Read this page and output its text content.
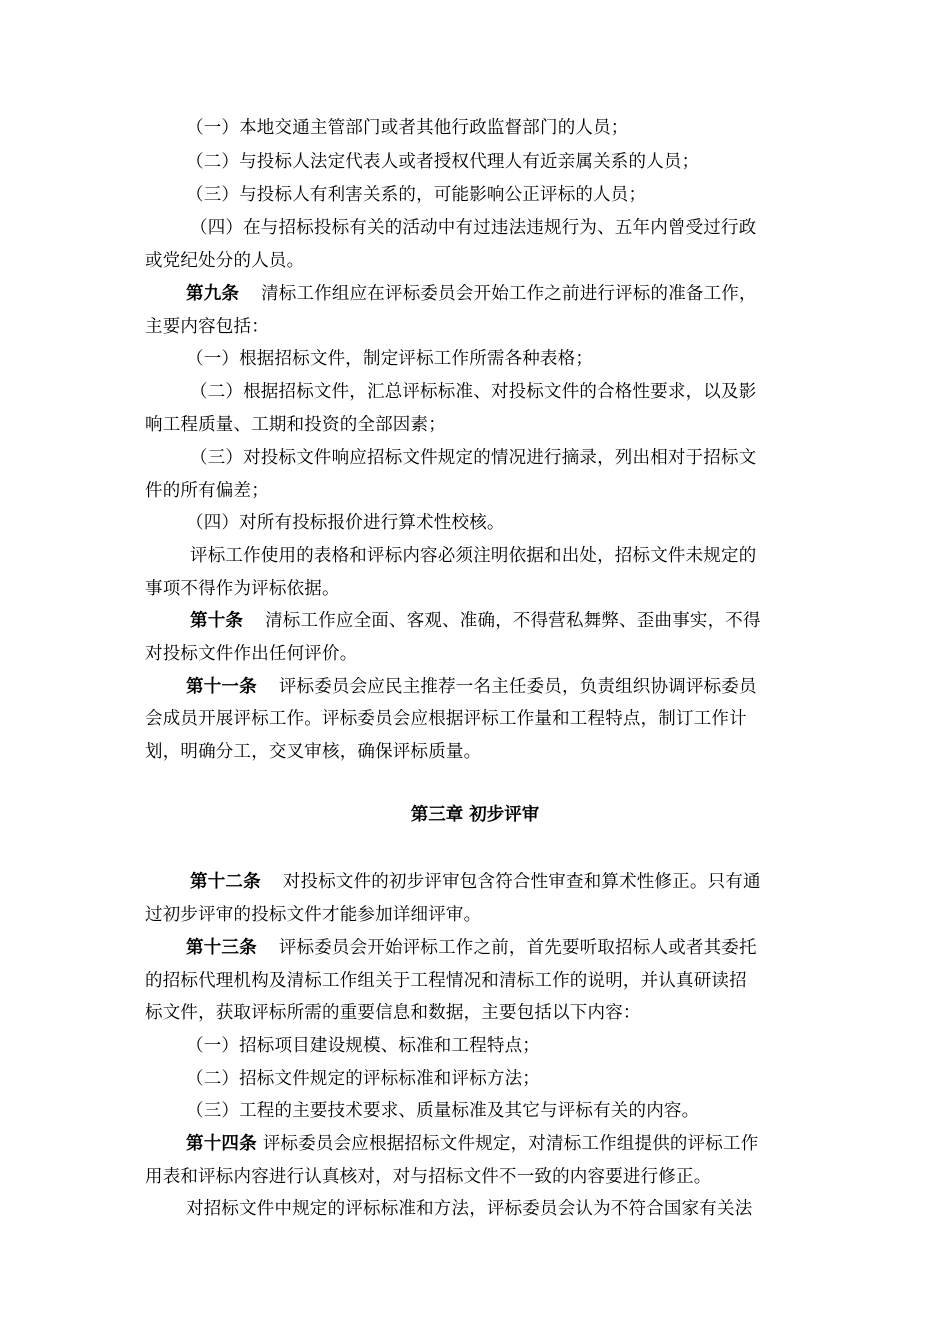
（一）本地交通主管部门或者其他行政监督部门的人员；
（二）与投标人法定代表人或者授权代理人有近亲属关系的人员；
（三）与投标人有利害关系的，可能影响公正评标的人员；
（四）在与招标投标有关的活动中有过违法违规行为、五年内曾受过行政
或党纪处分的人员。
第九条 清标工作组应在评标委员会开始工作之前进行评标的准备工作，
主要内容包括：
（一）根据招标文件，制定评标工作所需各种表格；
（二）根据招标文件，汇总评标标准、对投标文件的合格性要求，以及影
响工程质量、工期和投资的全部因素；
（三）对投标文件响应招标文件规定的情况进行摘录，列出相对于招标文
件的所有偏差；
（四）对所有投标报价进行算术性校核。
评标工作使用的表格和评标内容必须注明依据和出处，招标文件未规定的
事项不得作为评标依据。
第十条 清标工作应全面、客观、准确，不得营私舞弊、歪曲事实，不得
对投标文件作出任何评价。
第十一条 评标委员会应民主推荐一名主任委员，负责组织协调评标委员
会成员开展评标工作。评标委员会应根据评标工作量和工程特点，制订工作计
划，明确分工，交叉审核，确保评标质量。
第三章 初步评审
第十二条 对投标文件的初步评审包含符合性审查和算术性修正。只有通
过初步评审的投标文件才能参加详细评审。
第十三条 评标委员会开始评标工作之前，首先要听取招标人或者其委托
的招标代理机构及清标工作组关于工程情况和清标工作的说明，并认真研读招
标文件，获取评标所需的重要信息和数据，主要包括以下内容：
（一）招标项目建设规模、标准和工程特点；
（二）招标文件规定的评标标准和评标方法；
（三）工程的主要技术要求、质量标准及其它与评标有关的内容。
第十四条 评标委员会应根据招标文件规定，对清标工作组提供的评标工作
用表和评标内容进行认真核对，对与招标文件不一致的内容要进行修正。
对招标文件中规定的评标标准和方法，评标委员会认为不符合国家有关法
